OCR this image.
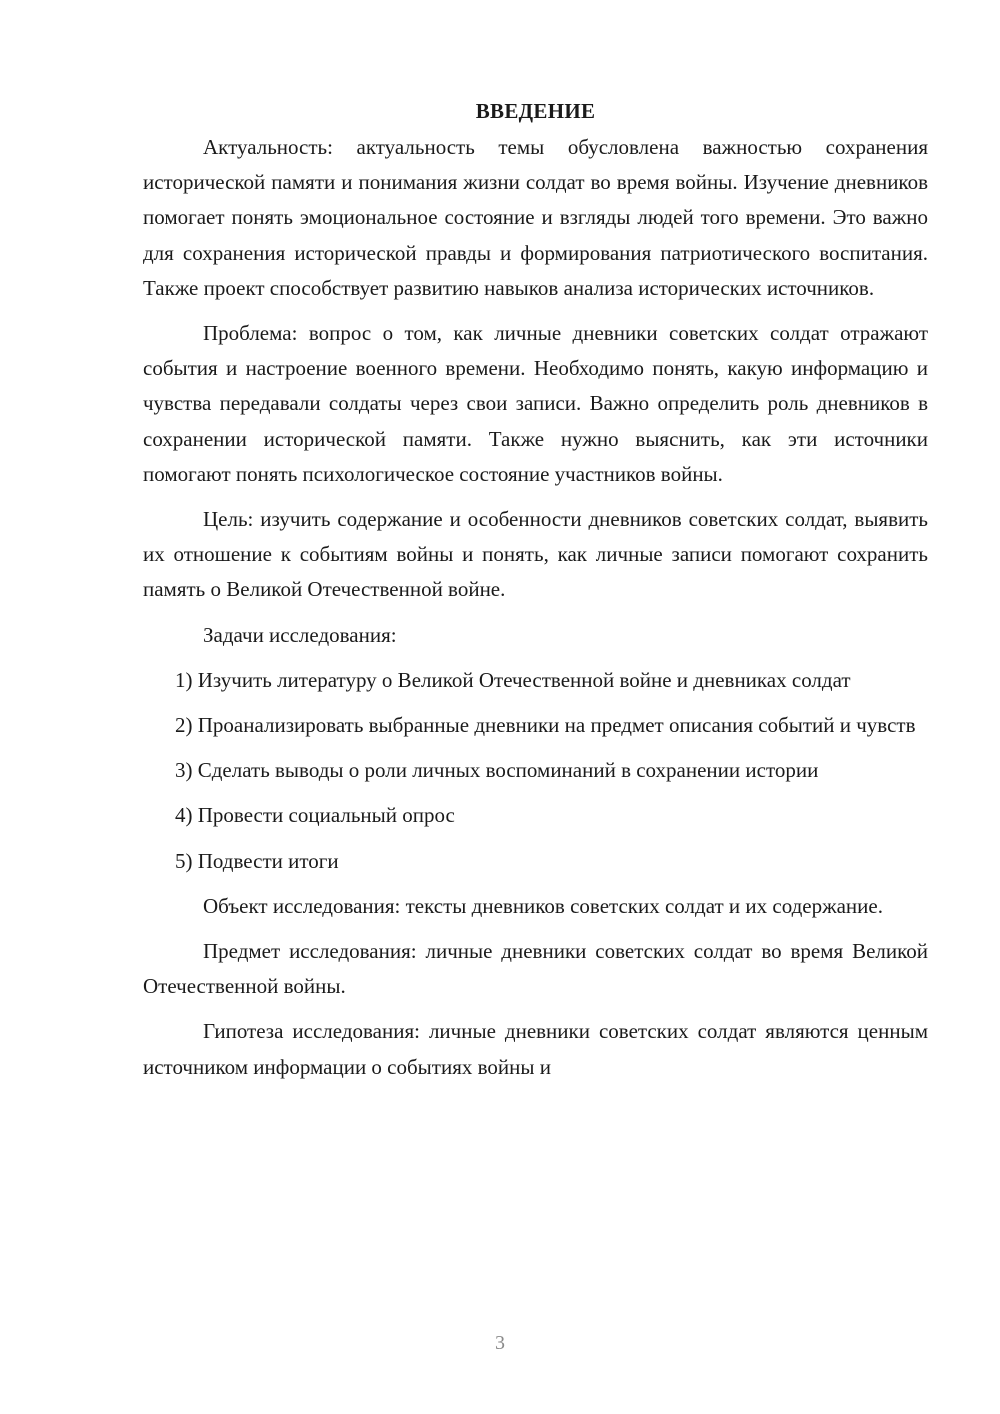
ВВЕДЕНИЕ

Актуальность: актуальность темы обусловлена важностью сохранения исторической памяти и понимания жизни солдат во время войны. Изучение дневников помогает понять эмоциональное состояние и взгляды людей того времени. Это важно для сохранения исторической правды и формирования патриотического воспитания. Также проект способствует развитию навыков анализа исторических источников.

Проблема: вопрос о том, как личные дневники советских солдат отражают события и настроение военного времени. Необходимо понять, какую информацию и чувства передавали солдаты через свои записи. Важно определить роль дневников в сохранении исторической памяти. Также нужно выяснить, как эти источники помогают понять психологическое состояние участников войны.

Цель: изучить содержание и особенности дневников советских солдат, выявить их отношение к событиям войны и понять, как личные записи помогают сохранить память о Великой Отечественной войне.

Задачи исследования:

1) Изучить литературу о Великой Отечественной войне и дневниках солдат

2) Проанализировать выбранные дневники на предмет описания событий и чувств

3) Сделать выводы о роли личных воспоминаний в сохранении истории

4) Провести социальный опрос

5) Подвести итоги

Объект исследования: тексты дневников советских солдат и их содержание.

Предмет исследования: личные дневники советских солдат во время Великой Отечественной войны.

Гипотеза исследования: личные дневники советских солдат являются ценным источником информации о событиях войны и

3
